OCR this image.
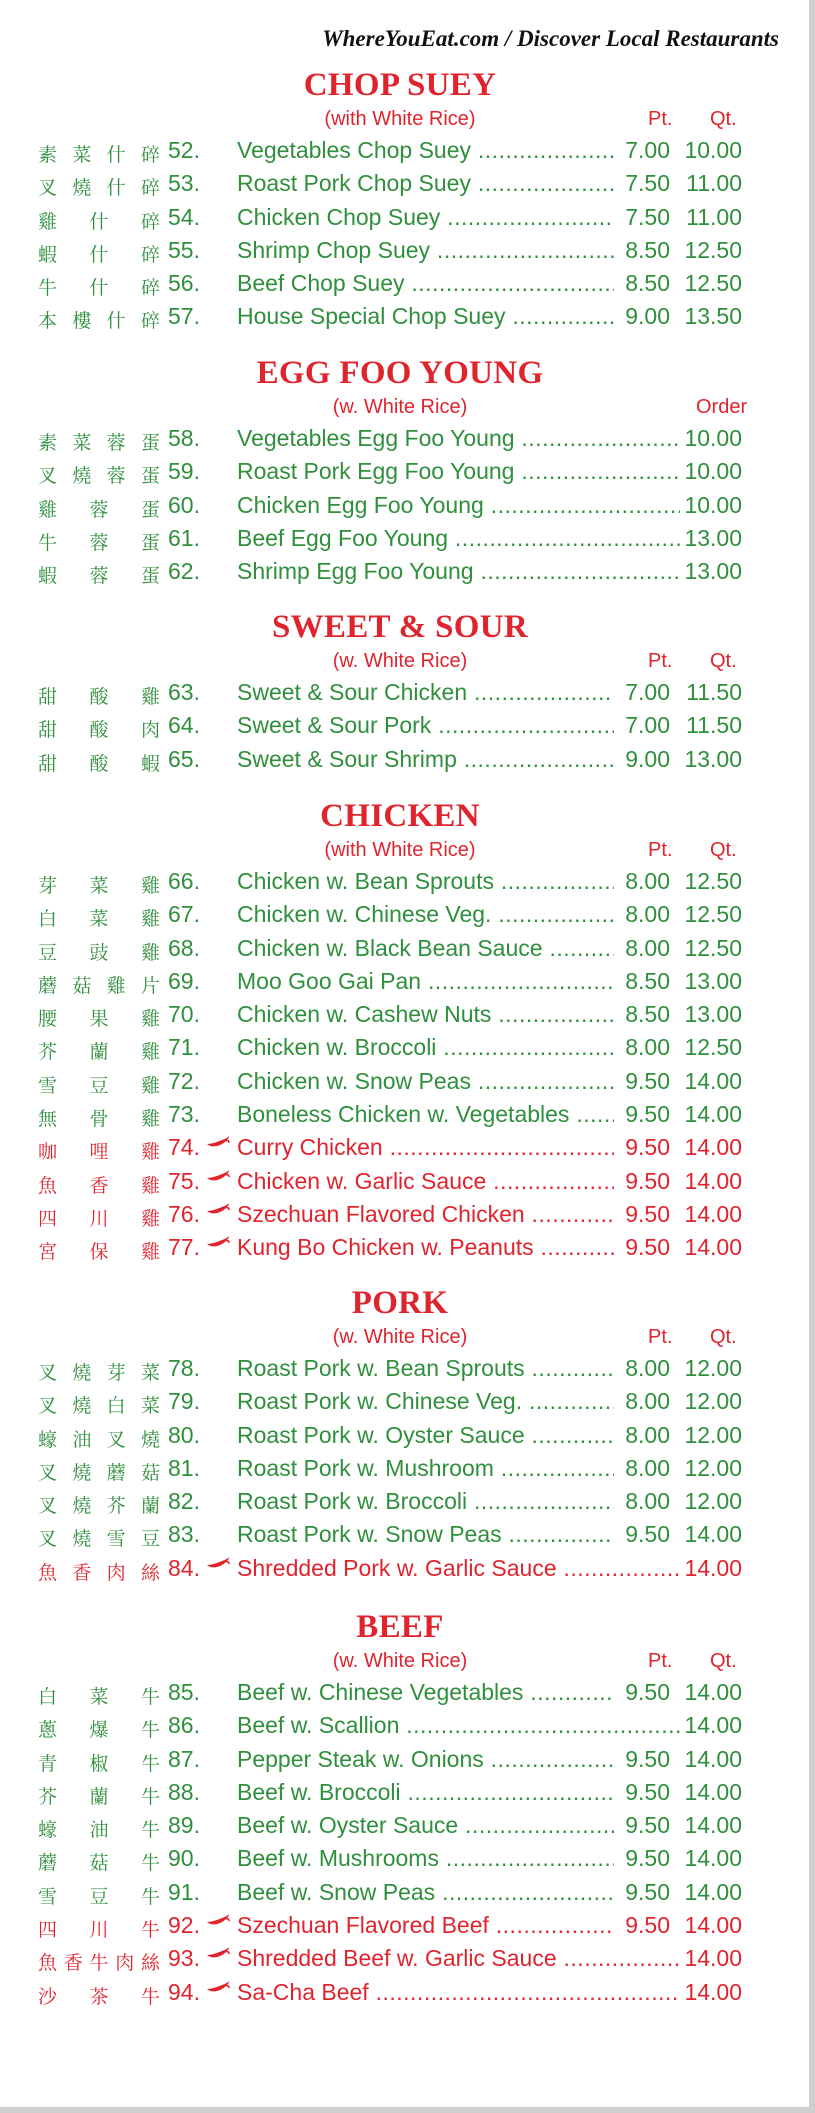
WhereYouEat.com / Discover Local Restaurants
CHOP SUEY
(with White Rice)	Pt. Qt.
素 菜 什 碎 52. Vegetables Chop Suey .....	7.00 10.00
叉 燒 什 碎 53. Roast Pork Chop Suey .....	7.50 11.00
雞 什 碎 54. Chicken Chop Suey .....	7.50 11.00
蝦 什 碎 55. Shrimp Chop Suey .....	8.50 12.50
牛 什 碎 56. Beef Chop Suey .....	8.50 12.50
本 樓 什 碎 57. House Special Chop Suey .....	9.00 13.50
EGG FOO YOUNG
(w. White Rice)	Order
素 菜 蓉 蛋 58. Vegetables Egg Foo Young .....	10.00
叉 燒 蓉 蛋 59. Roast Pork Egg Foo Young .....	10.00
雞 蓉 蛋 60. Chicken Egg Foo Young .....	10.00
牛 蓉 蛋 61. Beef Egg Foo Young .....	13.00
蝦 蓉 蛋 62. Shrimp Egg Foo Young .....	13.00
SWEET & SOUR
(w. White Rice)	Pt. Qt.
甜 酸 雞 63. Sweet & Sour Chicken .....	7.00 11.50
甜 酸 肉 64. Sweet & Sour Pork .....	7.00 11.50
甜 酸 蝦 65. Sweet & Sour Shrimp .....	9.00 13.00
CHICKEN
(with White Rice)	Pt. Qt.
芽 菜 雞 66. Chicken w. Bean Sprouts .....	8.00 12.50
白 菜 雞 67. Chicken w. Chinese Veg. .....	8.00 12.50
豆 豉 雞 68. Chicken w. Black Bean Sauce .....	8.00 12.50
蘑 菇 雞 片 69. Moo Goo Gai Pan .....	8.50 13.00
腰 果 雞 70. Chicken w. Cashew Nuts .....	8.50 13.00
芥 蘭 雞 71. Chicken w. Broccoli .....	8.00 12.50
雪 豆 雞 72. Chicken w. Snow Peas .....	9.50 14.00
無 骨 雞 73. Boneless Chicken w. Vegetables .....	9.50 14.00
咖 哩 雞 74. Curry Chicken .....	9.50 14.00
魚 香 雞 75. Chicken w. Garlic Sauce .....	9.50 14.00
四 川 雞 76. Szechuan Flavored Chicken .....	9.50 14.00
宮 保 雞 77. Kung Bo Chicken w. Peanuts .....	9.50 14.00
PORK
(w. White Rice)	Pt. Qt.
叉 燒 芽 菜 78. Roast Pork w. Bean Sprouts .....	8.00 12.00
叉 燒 白 菜 79. Roast Pork w. Chinese Veg. .....	8.00 12.00
蠔 油 叉 燒 80. Roast Pork w. Oyster Sauce .....	8.00 12.00
叉 燒 蘑 菇 81. Roast Pork w. Mushroom .....	8.00 12.00
叉 燒 芥 蘭 82. Roast Pork w. Broccoli .....	8.00 12.00
叉 燒 雪 豆 83. Roast Pork w. Snow Peas .....	9.50 14.00
魚 香 肉 絲 84. Shredded Pork w. Garlic Sauce .....	14.00
BEEF
(w. White Rice)	Pt. Qt.
白 菜 牛 85. Beef w. Chinese Vegetables .....	9.50 14.00
蔥 爆 牛 86. Beef w. Scallion .....	14.00
青 椒 牛 87. Pepper Steak w. Onions .....	9.50 14.00
芥 蘭 牛 88. Beef w. Broccoli .....	9.50 14.00
蠔 油 牛 89. Beef w. Oyster Sauce .....	9.50 14.00
蘑 菇 牛 90. Beef w. Mushrooms .....	9.50 14.00
雪 豆 牛 91. Beef w. Snow Peas .....	9.50 14.00
四 川 牛 92. Szechuan Flavored Beef .....	9.50 14.00
魚 香 牛 肉 絲 93. Shredded Beef w. Garlic Sauce .....	14.00
沙 茶 牛 94. Sa-Cha Beef .....	14.00
